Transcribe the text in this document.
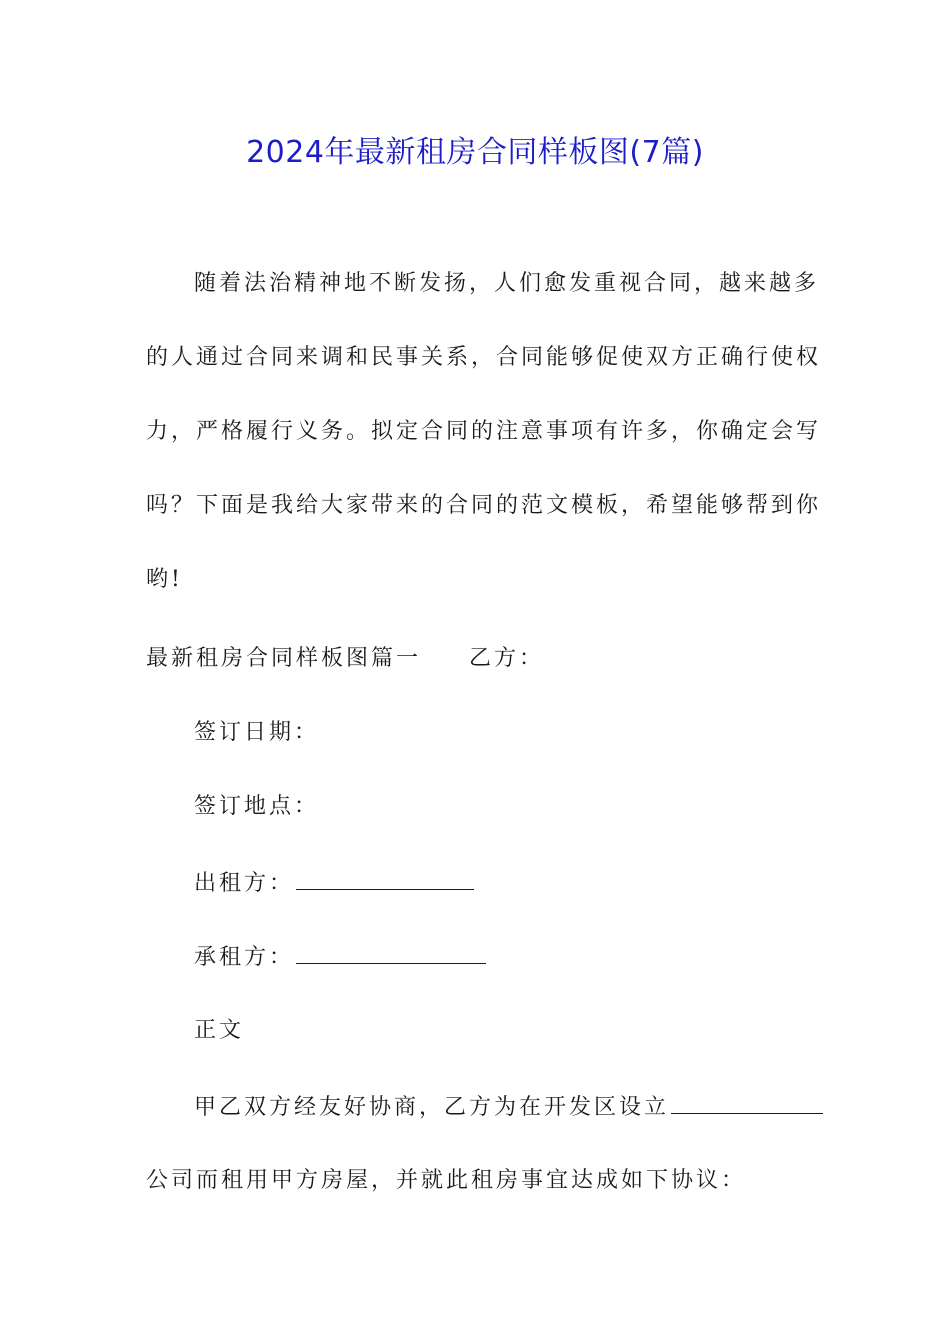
2024年最新租房合同样板图(7篇)
随着法治精神地不断发扬，人们愈发重视合同，越来越多
的人通过合同来调和民事关系，合同能够促使双方正确行使权
力，严格履行义务。拟定合同的注意事项有许多，你确定会写
吗？下面是我给大家带来的合同的范文模板，希望能够帮到你
哟!
最新租房合同样板图篇一 乙方：
签订日期：
签订地点：
出租方：
承租方：
正文
甲乙双方经友好协商，乙方为在开发区设立
公司而租用甲方房屋，并就此租房事宜达成如下协议：
